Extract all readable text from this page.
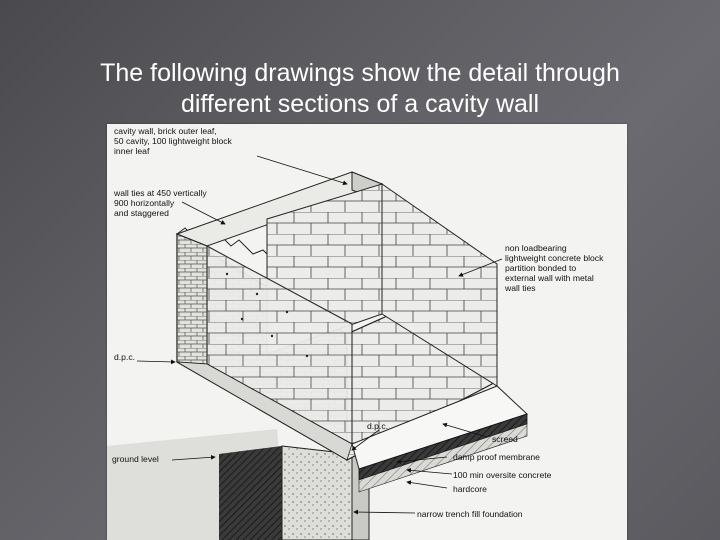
The following drawings show the detail through
different sections of a cavity wall
cavity wall, brick outer leaf,
50 cavity, 100 lightweight block
inner leaf
wall ties at 450 vertically
900 horizontally
and staggered
non loadbearing
lightweight concrete block
partition bonded to
external wall with metal
wall ties
d.p.c.
d.p.c.
screed
ground level	damp proof membrane
100 min oversite concrete
hardcore
narrow trench fill foundation
